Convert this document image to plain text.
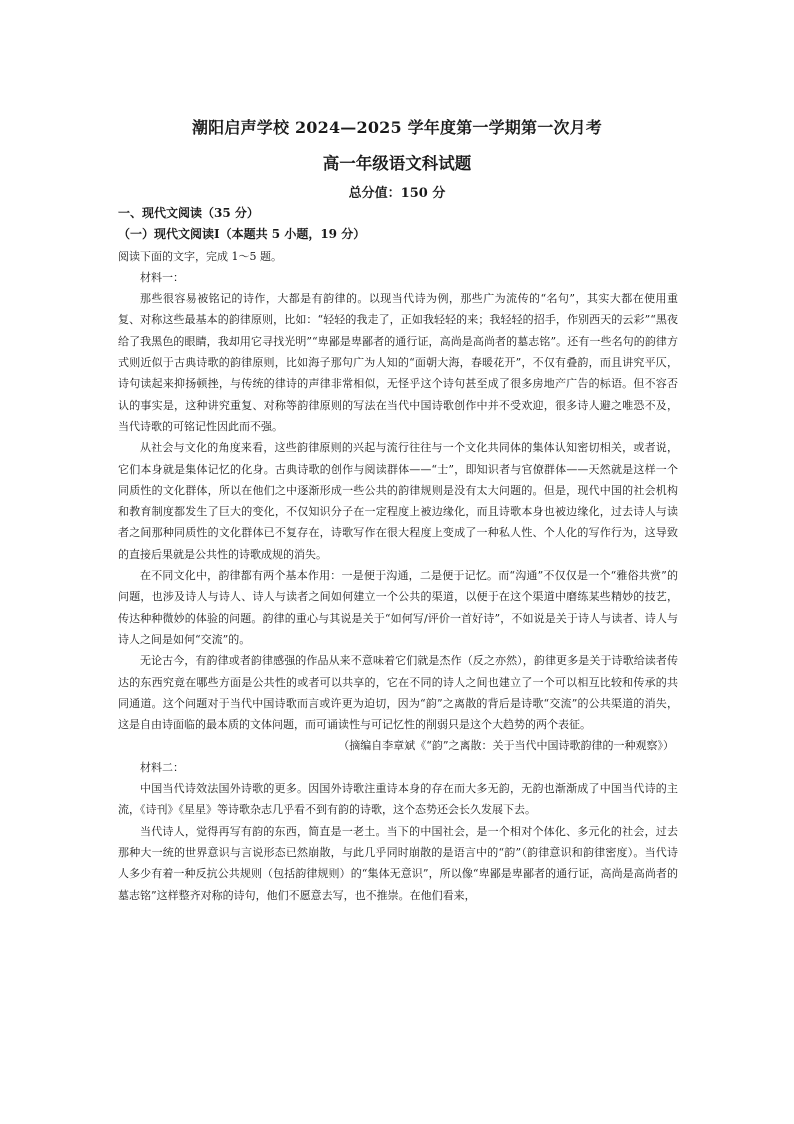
潮阳启声学校 2024—2025 学年度第一学期第一次月考
高一年级语文科试题
总分值：150 分

一、现代文阅读（35 分）

（一）现代文阅读Ⅰ（本题共 5 小题，19 分）

阅读下面的文字，完成 1～5 题。

材料一：

那些很容易被铭记的诗作，大都是有韵律的。以现当代诗为例，那些广为流传的“名句”，其实大都在使用重复、对称这些最基本的韵律原则，比如：“轻轻的我走了，正如我轻轻的来；我轻轻的招手，作别西天的云彩”“黑夜给了我黑色的眼睛，我却用它寻找光明”“卑鄙是卑鄙者的通行证，高尚是高尚者的墓志铭”。还有一些名句的韵律方式则近似于古典诗歌的韵律原则，比如海子那句广为人知的“面朝大海，春暖花开”，不仅有叠韵，而且讲究平仄，诗句读起来抑扬顿挫，与传统的律诗的声律非常相似，无怪乎这个诗句甚至成了很多房地产广告的标语。但不容否认的事实是，这种讲究重复、对称等韵律原则的写法在当代中国诗歌创作中并不受欢迎，很多诗人避之唯恐不及，当代诗歌的可铭记性因此而不强。

从社会与文化的角度来看，这些韵律原则的兴起与流行往往与一个文化共同体的集体认知密切相关，或者说，它们本身就是集体记忆的化身。古典诗歌的创作与阅读群体——“士”，即知识者与官僚群体——天然就是这样一个同质性的文化群体，所以在他们之中逐渐形成一些公共的韵律规则是没有太大问题的。但是，现代中国的社会机构和教育制度都发生了巨大的变化，不仅知识分子在一定程度上被边缘化，而且诗歌本身也被边缘化，过去诗人与读者之间那种同质性的文化群体已不复存在，诗歌写作在很大程度上变成了一种私人性、个人化的写作行为，这导致的直接后果就是公共性的诗歌成规的消失。

在不同文化中，韵律都有两个基本作用：一是便于沟通，二是便于记忆。而“沟通”不仅仅是一个“雅俗共赏”的问题，也涉及诗人与诗人、诗人与读者之间如何建立一个公共的渠道，以便于在这个渠道中磨练某些精妙的技艺，传达种种微妙的体验的问题。韵律的重心与其说是关于“如何写/评价一首好诗”，不如说是关于诗人与读者、诗人与诗人之间是如何“交流”的。

无论古今，有韵律或者韵律感强的作品从来不意味着它们就是杰作（反之亦然），韵律更多是关于诗歌给读者传达的东西究竟在哪些方面是公共性的或者可以共享的，它在不同的诗人之间也建立了一个可以相互比较和传承的共同通道。这个问题对于当代中国诗歌而言或许更为迫切，因为“韵”之离散的背后是诗歌“交流”的公共渠道的消失，这是自由诗面临的最本质的文体问题，而可诵读性与可记忆性的削弱只是这个大趋势的两个表征。

（摘编自李章斌《“韵”之离散：关于当代中国诗歌韵律的一种观察》）

材料二：

中国当代诗效法国外诗歌的更多。因国外诗歌注重诗本身的存在而大多无韵，无韵也渐渐成了中国当代诗的主流，《诗刊》《星星》等诗歌杂志几乎看不到有韵的诗歌，这个态势还会长久发展下去。

当代诗人，觉得再写有韵的东西，简直是一老土。当下的中国社会，是一个相对个体化、多元化的社会，过去那种大一统的世界意识与言说形态已然崩散，与此几乎同时崩散的是语言中的“韵”（韵律意识和韵律密度）。当代诗人多少有着一种反抗公共规则（包括韵律规则）的“集体无意识”，所以像“卑鄙是卑鄙者的通行证，高尚是高尚者的墓志铭”这样整齐对称的诗句，他们不愿意去写，也不推崇。在他们看来，
